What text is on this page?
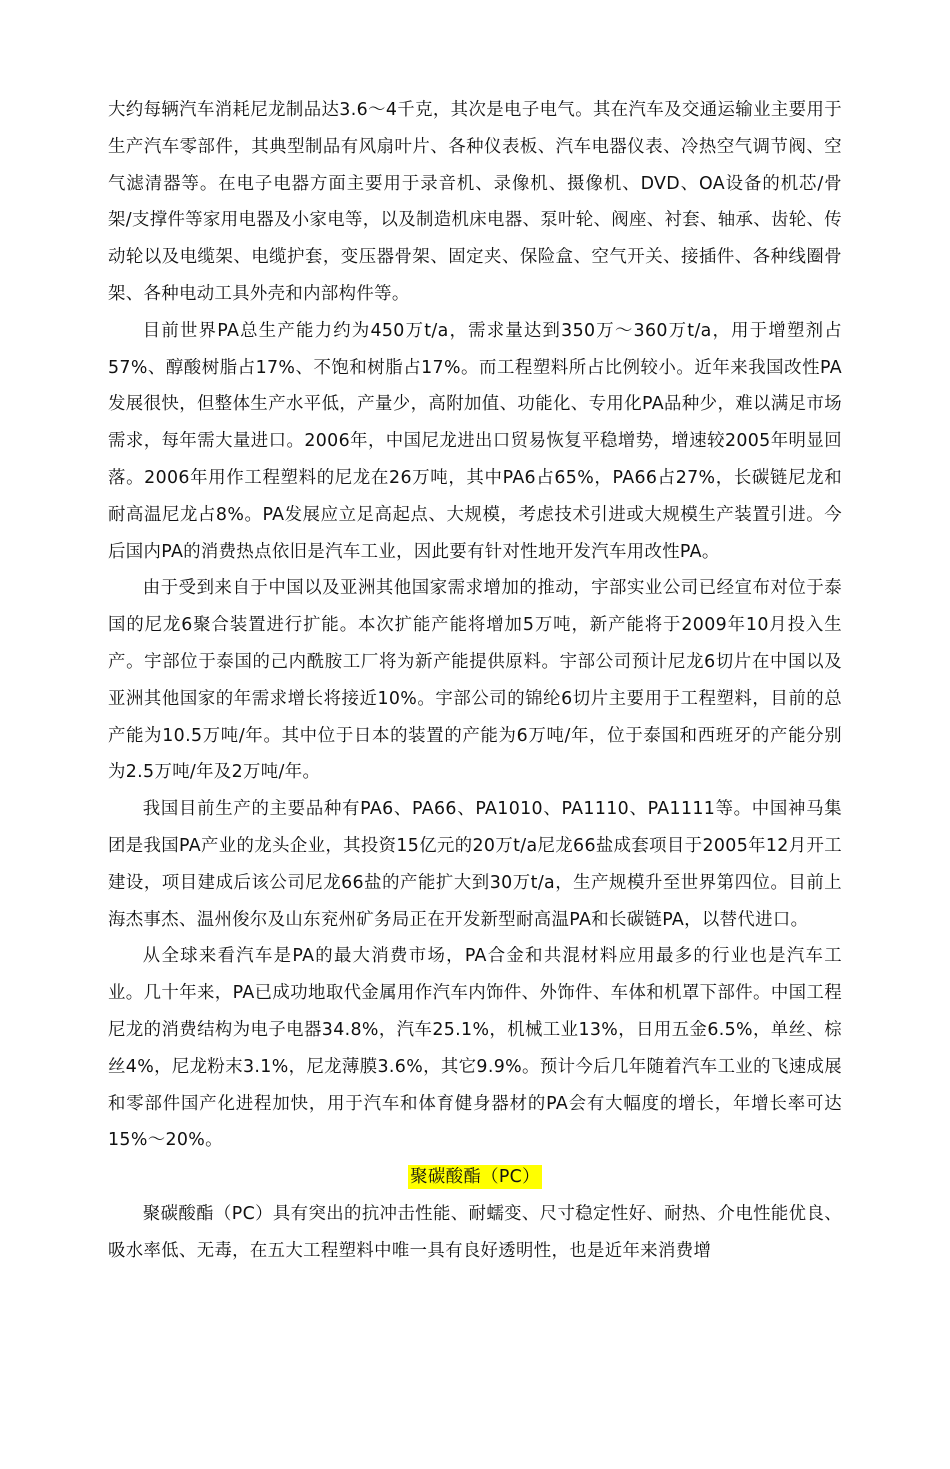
大约每辆汽车消耗尼龙制品达3.6～4千克，其次是电子电气。其在汽车及交通运输业主要用于生产汽车零部件，其典型制品有风扇叶片、各种仪表板、汽车电器仪表、冷热空气调节阀、空气滤清器等。在电子电器方面主要用于录音机、录像机、摄像机、DVD、OA设备的机芯/骨架/支撑件等家用电器及小家电等，以及制造机床电器、泵叶轮、阀座、衬套、轴承、齿轮、传动轮以及电缆架、电缆护套，变压器骨架、固定夹、保险盒、空气开关、接插件、各种线圈骨架、各种电动工具外壳和内部构件等。

目前世界PA总生产能力约为450万t/a，需求量达到350万～360万t/a，用于增塑剂占57%、醇酸树脂占17%、不饱和树脂占17%。而工程塑料所占比例较小。近年来我国改性PA发展很快，但整体生产水平低，产量少，高附加值、功能化、专用化PA品种少，难以满足市场需求，每年需大量进口。2006年，中国尼龙进出口贸易恢复平稳增势，增速较2005年明显回落。2006年用作工程塑料的尼龙在26万吨，其中PA6占65%，PA66占27%，长碳链尼龙和耐高温尼龙占8%。PA发展应立足高起点、大规模，考虑技术引进或大规模生产装置引进。今后国内PA的消费热点依旧是汽车工业，因此要有针对性地开发汽车用改性PA。

由于受到来自于中国以及亚洲其他国家需求增加的推动，宇部实业公司已经宣布对位于泰国的尼龙6聚合装置进行扩能。本次扩能产能将增加5万吨，新产能将于2009年10月投入生产。宇部位于泰国的己内酰胺工厂将为新产能提供原料。宇部公司预计尼龙6切片在中国以及亚洲其他国家的年需求增长将接近10%。宇部公司的锦纶6切片主要用于工程塑料，目前的总产能为10.5万吨/年。其中位于日本的装置的产能为6万吨/年，位于泰国和西班牙的产能分别为2.5万吨/年及2万吨/年。

我国目前生产的主要品种有PA6、PA66、PA1010、PA1110、PA1111等。中国神马集团是我国PA产业的龙头企业，其投资15亿元的20万t/a尼龙66盐成套项目于2005年12月开工建设，项目建成后该公司尼龙66盐的产能扩大到30万t/a，生产规模升至世界第四位。目前上海杰事杰、温州俊尔及山东兖州矿务局正在开发新型耐高温PA和长碳链PA，以替代进口。

从全球来看汽车是PA的最大消费市场，PA合金和共混材料应用最多的行业也是汽车工业。几十年来，PA已成功地取代金属用作汽车内饰件、外饰件、车体和机罩下部件。中国工程尼龙的消费结构为电子电器34.8%，汽车25.1%，机械工业13%，日用五金6.5%，单丝、棕丝4%，尼龙粉末3.1%，尼龙薄膜3.6%，其它9.9%。预计今后几年随着汽车工业的飞速成展和零部件国产化进程加快，用于汽车和体育健身器材的PA会有大幅度的增长，年增长率可达15%～20%。

聚碳酸酯（PC）

聚碳酸酯（PC）具有突出的抗冲击性能、耐蠕变、尺寸稳定性好、耐热、介电性能优良、吸水率低、无毒，在五大工程塑料中唯一具有良好透明性，也是近年来消费增
